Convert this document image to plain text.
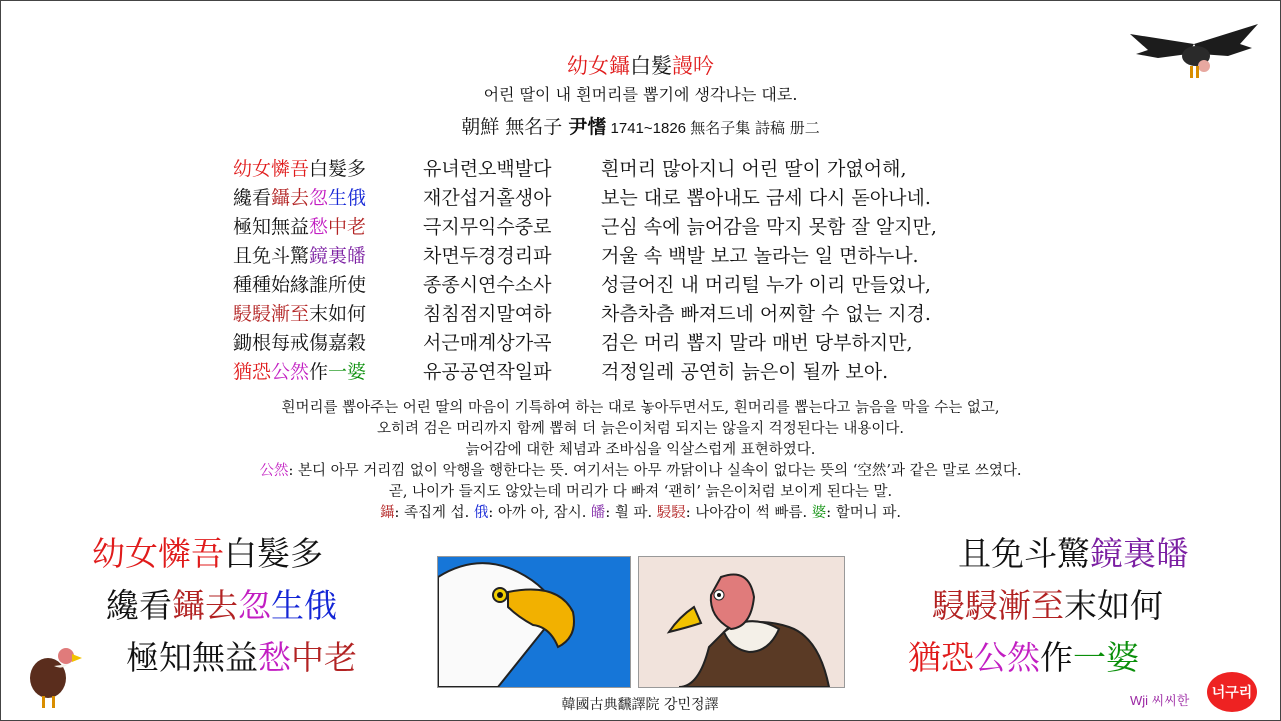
幼女鑷白髮謾吟
어린 딸이 내 흰머리를 뽑기에 생각나는 대로.
朝鮮 無名子 尹愭 1741~1826 無名子集 詩稿 册二
幼女憐吾白髮多	유녀련오백발다	흰머리 많아지니 어린 딸이 가엾어해,
纔看鑷去忽生俄	재간섭거홀생아	보는 대로 뽑아내도 금세 다시 돋아나네.
極知無益愁中老	극지무익수중로	근심 속에 늙어감을 막지 못함 잘 알지만,
且免斗驚鏡裏皤	차면두경경리파	거울 속 백발 보고 놀라는 일 면하누나.
種種始緣誰所使	종종시연수소사	성글어진 내 머리털 누가 이리 만들었나,
駸駸漸至末如何	침침점지말여하	차츰차츰 빠져드네 어찌할 수 없는 지경.
鋤根每戒傷嘉穀	서근매계상가곡	검은 머리 뽑지 말라 매번 당부하지만,
猶恐公然作一婆	유공공연작일파	걱정일레 공연히 늙은이 될까 보아.
흰머리를 뽑아주는 어린 딸의 마음이 기특하여 하는 대로 놓아두면서도, 흰머리를 뽑는다고 늙음을 막을 수는 없고,
오히려 검은 머리까지 함께 뽑혀 더 늙은이처럼 되지는 않을지 걱정된다는 내용이다.
늙어감에 대한 체념과 조바심을 익살스럽게 표현하였다.
公然: 본디 아무 거리낌 없이 악행을 행한다는 뜻. 여기서는 아무 까닭이나 실속이 없다는 뜻의 ‘空然’과 같은 말로 쓰였다.
곧, 나이가 들지도 않았는데 머리가 다 빠져 ‘괜히’ 늙은이처럼 보이게 된다는 말.
鑷: 족집게 섭. 俄: 아까 아, 잠시. 皤: 흴 파. 駸駸: 나아감이 썩 빠름. 婆: 할머니 파.
幼女憐吾白髮多
纔看鑷去忽生俄
極知無益愁中老
且免斗驚鏡裏皤
駸駸漸至末如何
猶恐公然作一婆
韓國古典飜譯院 강민정譯	Wji 씨씨한
너구리
